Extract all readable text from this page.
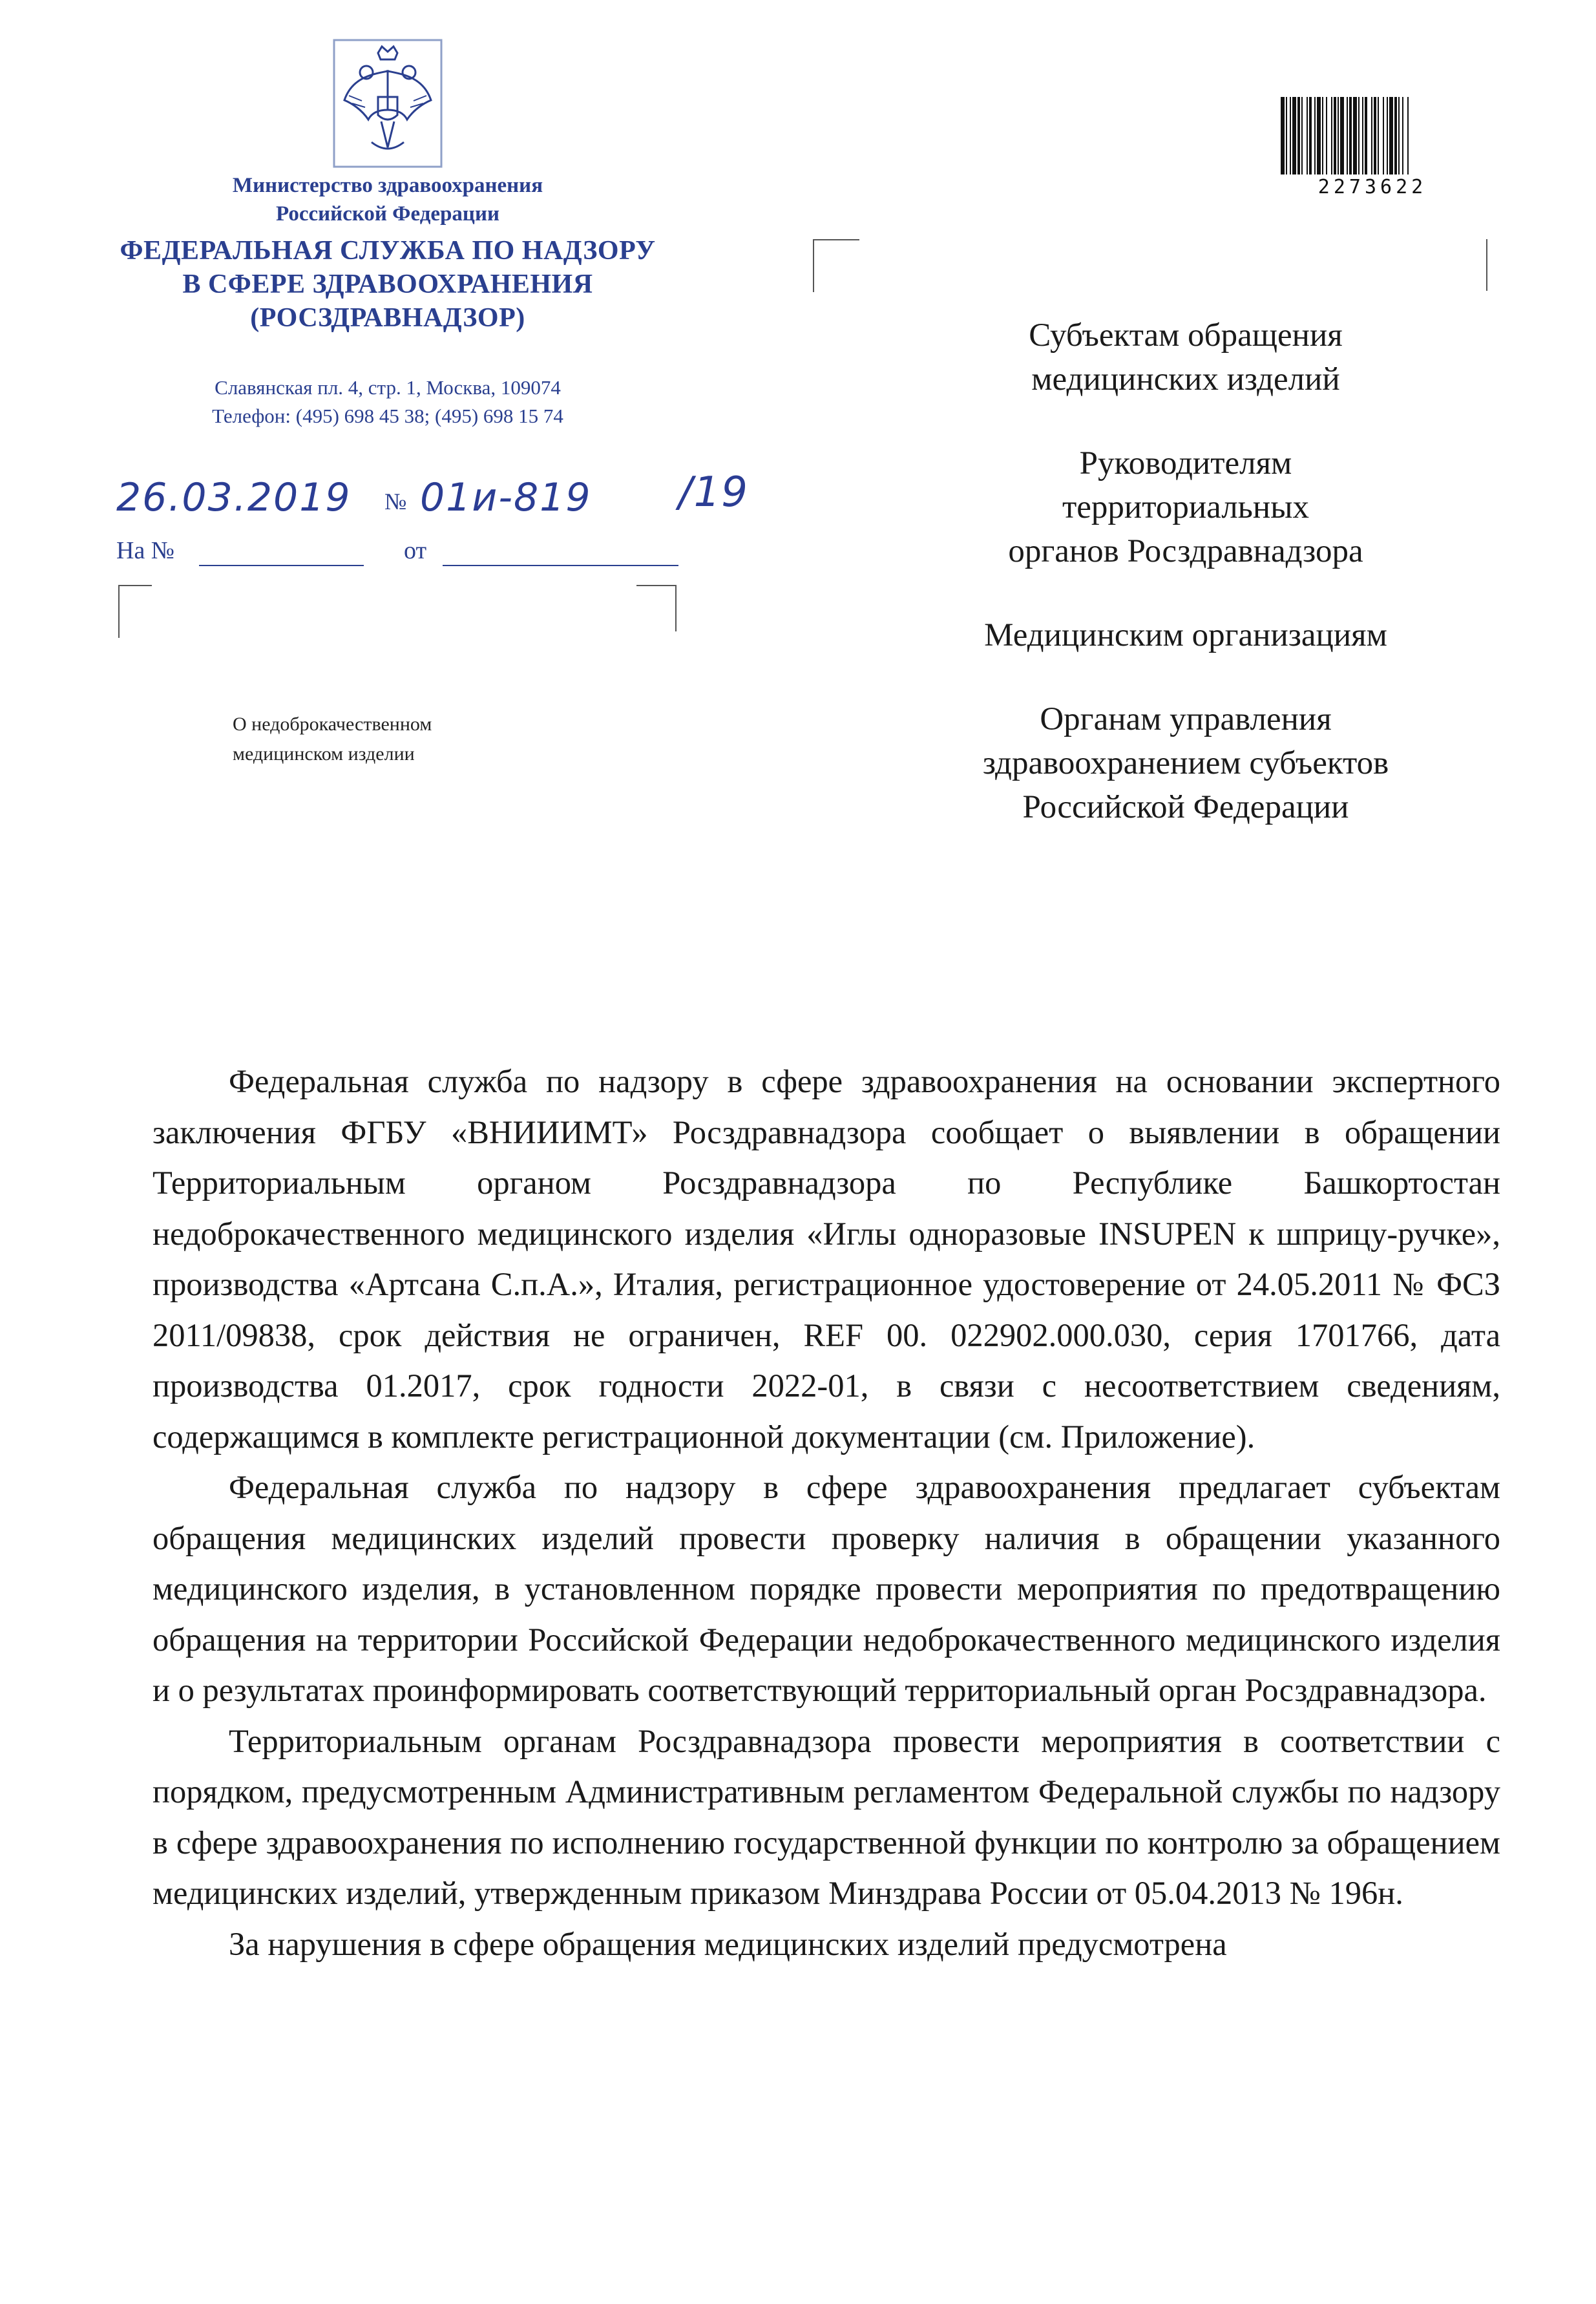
Министерство здравоохранения
Российской Федерации
ФЕДЕРАЛЬНАЯ СЛУЖБА ПО НАДЗОРУ
В СФЕРЕ ЗДРАВООХРАНЕНИЯ
(РОСЗДРАВНАДЗОР)
Славянская пл. 4, стр. 1, Москва, 109074
Телефон: (495) 698 45 38; (495) 698 15 74
26.03.2019 № 01и-819 /19
На №	от
О недоброкачественном
медицинском изделии
2273622
Субъектам обращения
медицинских изделий
Руководителям
территориальных
органов Росздравнадзора
Медицинским организациям
Органам управления
здравоохранением субъектов
Российской Федерации

Федеральная служба по надзору в сфере здравоохранения на основании экспертного заключения ФГБУ «ВНИИИМТ» Росздравнадзора сообщает о выявлении в обращении Территориальным органом Росздравнадзора по Республике Башкортостан недоброкачественного медицинского изделия «Иглы одноразовые INSUPEN к шприцу-ручке», производства «Артсана С.п.А.», Италия, регистрационное удостоверение от 24.05.2011 № ФСЗ 2011/09838, срок действия не ограничен, REF 00. 022902.000.030, серия 1701766, дата производства 01.2017, срок годности 2022-01, в связи с несоответствием сведениям, содержащимся в комплекте регистрационной документации (см. Приложение).

Федеральная служба по надзору в сфере здравоохранения предлагает субъектам обращения медицинских изделий провести проверку наличия в обращении указанного медицинского изделия, в установленном порядке провести мероприятия по предотвращению обращения на территории Российской Федерации недоброкачественного медицинского изделия и о результатах проинформировать соответствующий территориальный орган Росздравнадзора.

Территориальным органам Росздравнадзора провести мероприятия в соответствии с порядком, предусмотренным Административным регламентом Федеральной службы по надзору в сфере здравоохранения по исполнению государственной функции по контролю за обращением медицинских изделий, утвержденным приказом Минздрава России от 05.04.2013 № 196н.

За нарушения в сфере обращения медицинских изделий предусмотрена
